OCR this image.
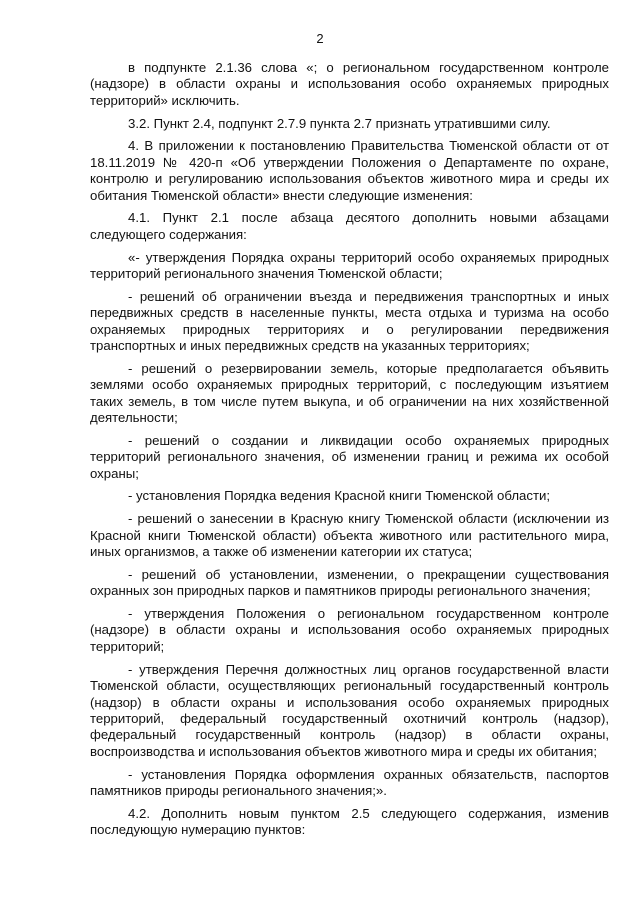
2

в подпункте 2.1.36 слова «; о региональном государственном контроле (надзоре) в области охраны и использования особо охраняемых природных территорий» исключить.

3.2. Пункт 2.4, подпункт 2.7.9 пункта 2.7 признать утратившими силу.

4. В приложении к постановлению Правительства Тюменской области от от 18.11.2019 № 420-п «Об утверждении Положения о Департаменте по охране, контролю и регулированию использования объектов животного мира и среды их обитания Тюменской области» внести следующие изменения:

4.1. Пункт 2.1 после абзаца десятого дополнить новыми абзацами следующего содержания:

«- утверждения Порядка охраны территорий особо охраняемых природных территорий регионального значения Тюменской области;

- решений об ограничении въезда и передвижения транспортных и иных передвижных средств в населенные пункты, места отдыха и туризма на особо охраняемых природных территориях и о регулировании передвижения транспортных и иных передвижных средств на указанных территориях;

- решений о резервировании земель, которые предполагается объявить землями особо охраняемых природных территорий, с последующим изъятием таких земель, в том числе путем выкупа, и об ограничении на них хозяйственной деятельности;

- решений о создании и ликвидации особо охраняемых природных территорий регионального значения, об изменении границ и режима их особой охраны;

- установления Порядка ведения Красной книги Тюменской области;

- решений о занесении в Красную книгу Тюменской области (исключении из Красной книги Тюменской области) объекта животного или растительного мира, иных организмов, а также об изменении категории их статуса;

- решений об установлении, изменении, о прекращении существования охранных зон природных парков и памятников природы регионального значения;

- утверждения Положения о региональном государственном контроле (надзоре) в области охраны и использования особо охраняемых природных территорий;

- утверждения Перечня должностных лиц органов государственной власти Тюменской области, осуществляющих региональный государственный контроль (надзор) в области охраны и использования особо охраняемых природных территорий, федеральный государственный охотничий контроль (надзор), федеральный государственный контроль (надзор) в области охраны, воспроизводства и использования объектов животного мира и среды их обитания;

- установления Порядка оформления охранных обязательств, паспортов памятников природы регионального значения;».

4.2. Дополнить новым пунктом 2.5 следующего содержания, изменив последующую нумерацию пунктов:
